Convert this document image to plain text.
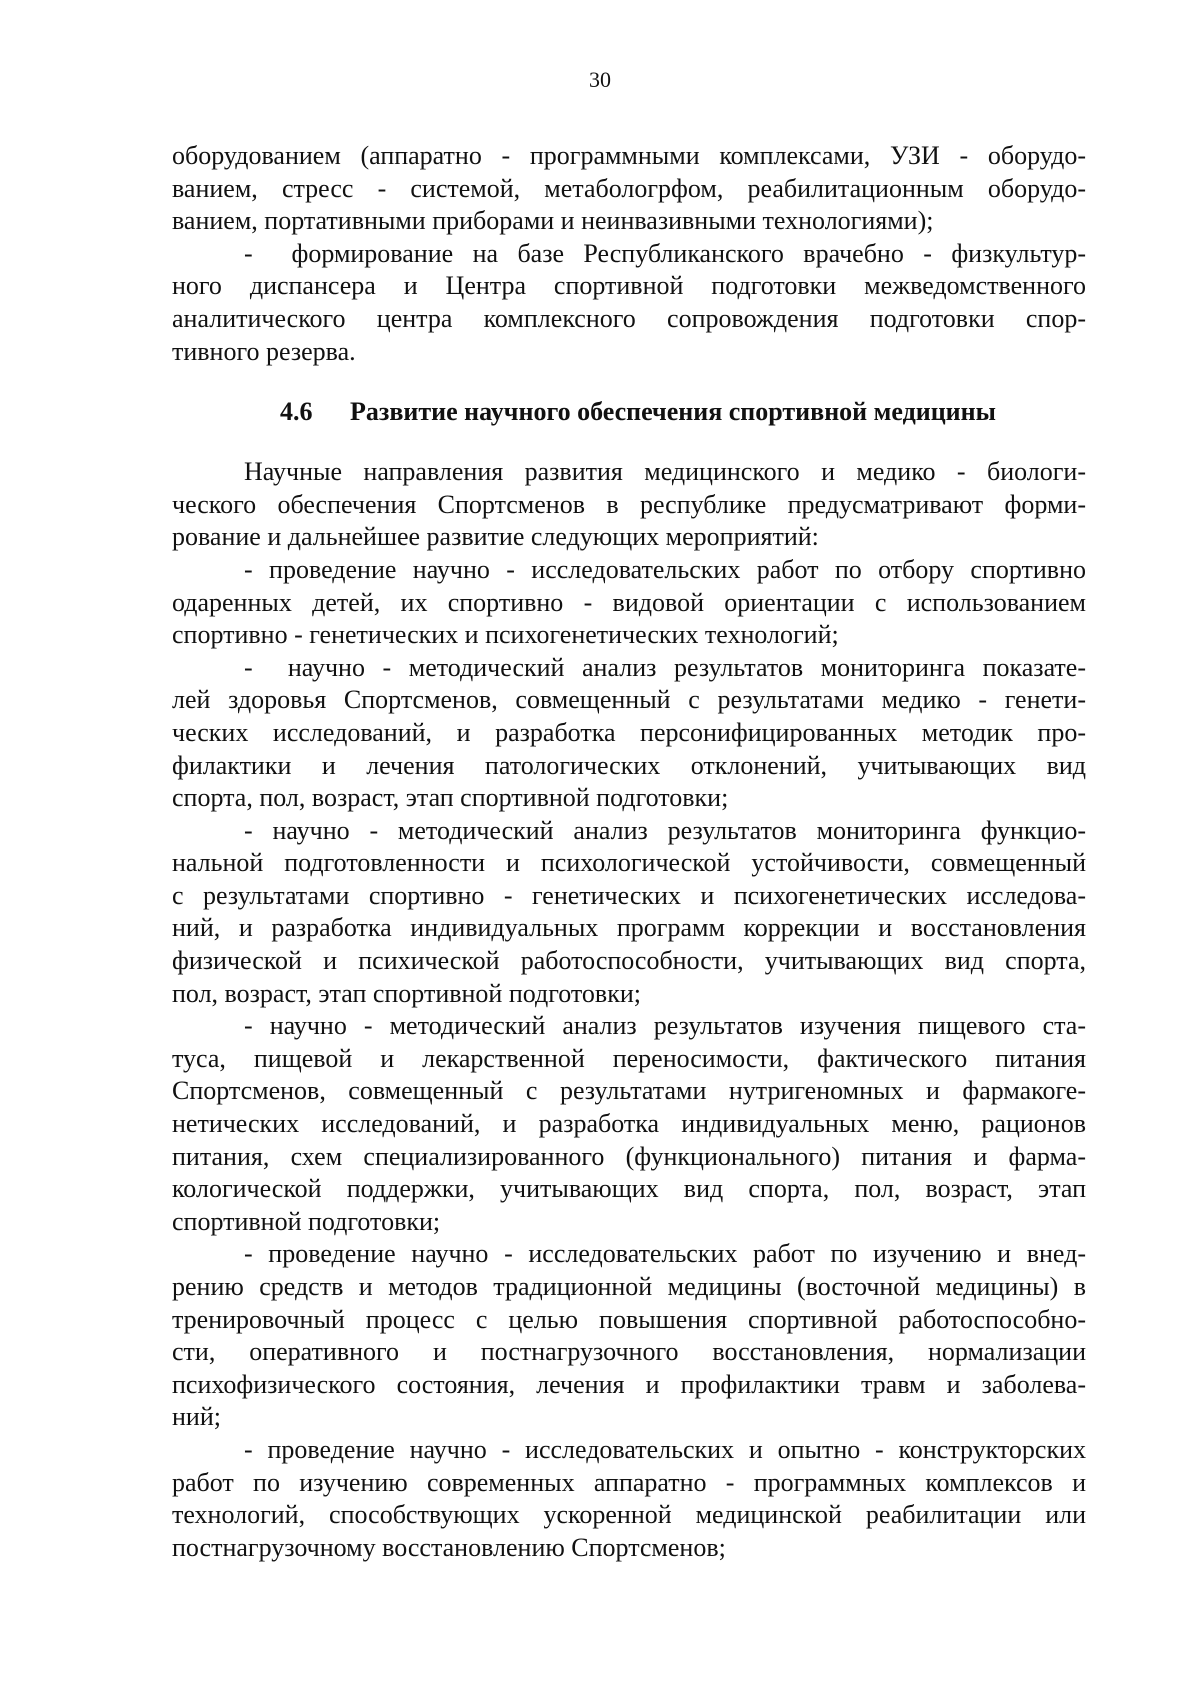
30

оборудованием (аппаратно - программными комплексами, УЗИ - оборудо-
ванием, стресс - системой, метабологрфом, реабилитационным оборудо-
ванием, портативными приборами и неинвазивными технологиями);

-  формирование на базе Республиканского врачебно - физкультур-
ного диспансера и Центра спортивной подготовки межведомственного
аналитического центра комплексного сопровождения подготовки спор-
тивного резерва.

4.6	Развитие научного обеспечения спортивной медицины

Научные направления развития медицинского и медико - биологи-
ческого обеспечения Спортсменов в республике предусматривают форми-
рование и дальнейшее развитие следующих мероприятий:

- проведение научно - исследовательских работ по отбору спортивно
одаренных детей, их спортивно - видовой ориентации с использованием
спортивно - генетических и психогенетических технологий;

-  научно - методический анализ результатов мониторинга показате-
лей здоровья Спортсменов, совмещенный с результатами медико - генети-
ческих исследований, и разработка персонифицированных методик про-
филактики и лечения патологических отклонений, учитывающих вид
спорта, пол, возраст, этап спортивной подготовки;

- научно - методический анализ результатов мониторинга функцио-
нальной подготовленности и психологической устойчивости, совмещенный
с результатами спортивно - генетических и психогенетических исследова-
ний, и разработка индивидуальных программ коррекции и восстановления
физической и психической работоспособности, учитывающих вид спорта,
пол, возраст, этап спортивной подготовки;

- научно - методический анализ результатов изучения пищевого ста-
туса, пищевой и лекарственной переносимости, фактического питания
Спортсменов, совмещенный с результатами нутригеномных и фармакоге-
нетических исследований, и разработка индивидуальных меню, рационов
питания, схем специализированного (функционального) питания и фарма-
кологической поддержки, учитывающих вид спорта, пол, возраст, этап
спортивной подготовки;

- проведение научно - исследовательских работ по изучению и внед-
рению средств и методов традиционной медицины (восточной медицины) в
тренировочный процесс с целью повышения спортивной работоспособно-
сти, оперативного и постнагрузочного восстановления, нормализации
психофизического состояния, лечения и профилактики травм и заболева-
ний;

- проведение научно - исследовательских и опытно - конструкторских
работ по изучению современных аппаратно - программных комплексов и
технологий, способствующих ускоренной медицинской реабилитации или
постнагрузочному восстановлению Спортсменов;
